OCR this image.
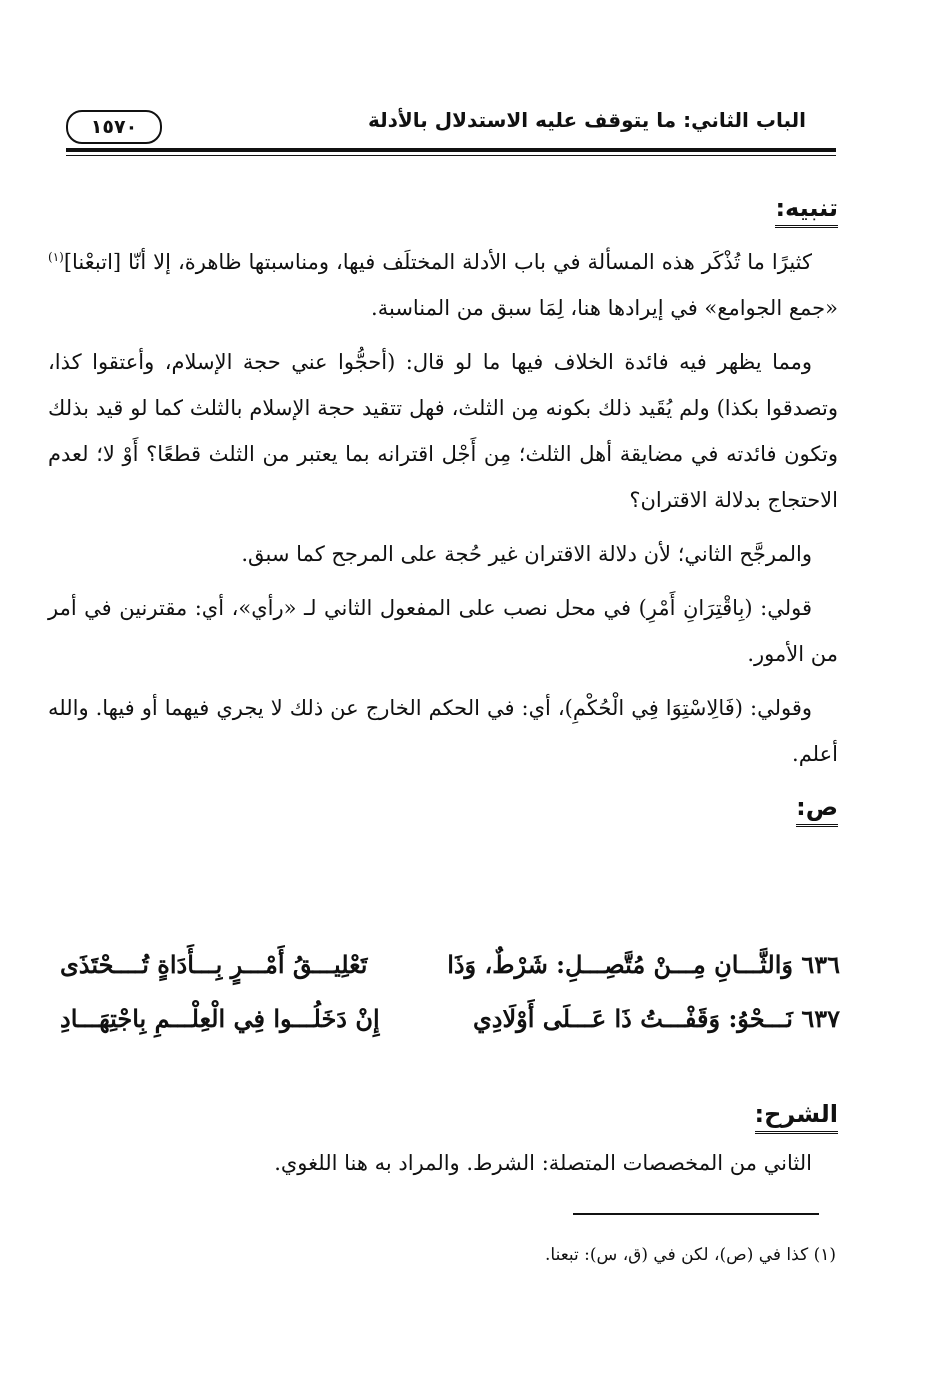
الباب الثاني: ما يتوقف عليه الاستدلال بالأدلة
١٥٧٠
تنبيه:

كثيرًا ما تُذْكَر هذه المسألة في باب الأدلة المختلَف فيها، ومناسبتها ظاهرة، إلا أنّا [اتبعْنا]$^{(١)}$ «جمع الجوامع» في إيرادها هنا، لِمَا سبق من المناسبة.

ومما يظهر فيه فائدة الخلاف فيها ما لو قال: (أحجُّوا عني حجة الإسلام، وأعتقوا كذا، وتصدقوا بكذا) ولم يُقَيد ذلك بكونه مِن الثلث، فهل تتقيد حجة الإسلام بالثلث كما لو قيد بذلك وتكون فائدته في مضايقة أهل الثلث؛ مِن أَجْل اقترانه بما يعتبر من الثلث قطعًا؟ أَوْ لا؛ لعدم الاحتجاج بدلالة الاقتران؟

والمرجَّح الثاني؛ لأن دلالة الاقتران غير حُجة على المرجح كما سبق.

قولي: (بِاقْتِرَانِ أَمْرِ) في محل نصب على المفعول الثاني لـ «رأي»، أي: مقترنين في أمر من الأمور.

وقولي: (فَالِاسْتِوَا فِي الْحُكْمِ)، أي: في الحكم الخارج عن ذلك لا يجري فيهما أو فيها. والله أعلم.

ص:
٦٣٦ وَالثَّـــانِ مِـــنْ مُتَّصِـــلِ: شَرْطٌ، وَذَا
تَعْلِيـــقُ أَمْـــرٍ بِـــأَدَاةٍ تُــــحْتَذَى
٦٣٧ نَـــحْوُ: وَقَفْـــتُ ذَا عَـــلَى أَوْلَادِي
إِنْ دَخَلُـــوا فِي الْعِلْـــمِ بِاجْتِهَـــادِ
الشرح:

الثاني من المخصصات المتصلة: الشرط. والمراد به هنا اللغوي.

(١) كذا في (ص)، لكن في (ق، س): تبعنا.
